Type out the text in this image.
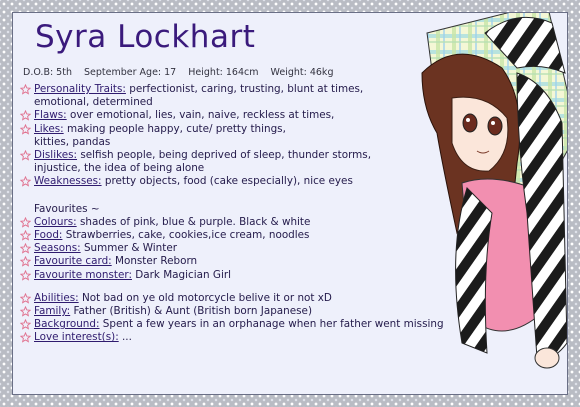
Syra Lockhart
D.O.B: 5th September Age: 17 Height: 164cm Weight: 46kg
Personality Traits: perfectionist, caring, trusting, blunt at times,
emotional, determined
Flaws: over emotional, lies, vain, naive, reckless at times,
Likes: making people happy, cute/ pretty things,
kitties, pandas
Dislikes: selfish people, being deprived of sleep, thunder storms,
injustice, the idea of being alone
Weaknesses: pretty objects, food (cake especially), nice eyes
Favourites ~
Colours: shades of pink, blue & purple. Black & white
Food: Strawberries, cake, cookies,ice cream, noodles
Seasons: Summer & Winter
Favourite card: Monster Reborn
Favourite monster: Dark Magician Girl
Abilities: Not bad on ye old motorcycle belive it or not xD
Family: Father (British) & Aunt (British born Japanese)
Background: Spent a few years in an orphanage when her father went missing
Love interest(s): ...
